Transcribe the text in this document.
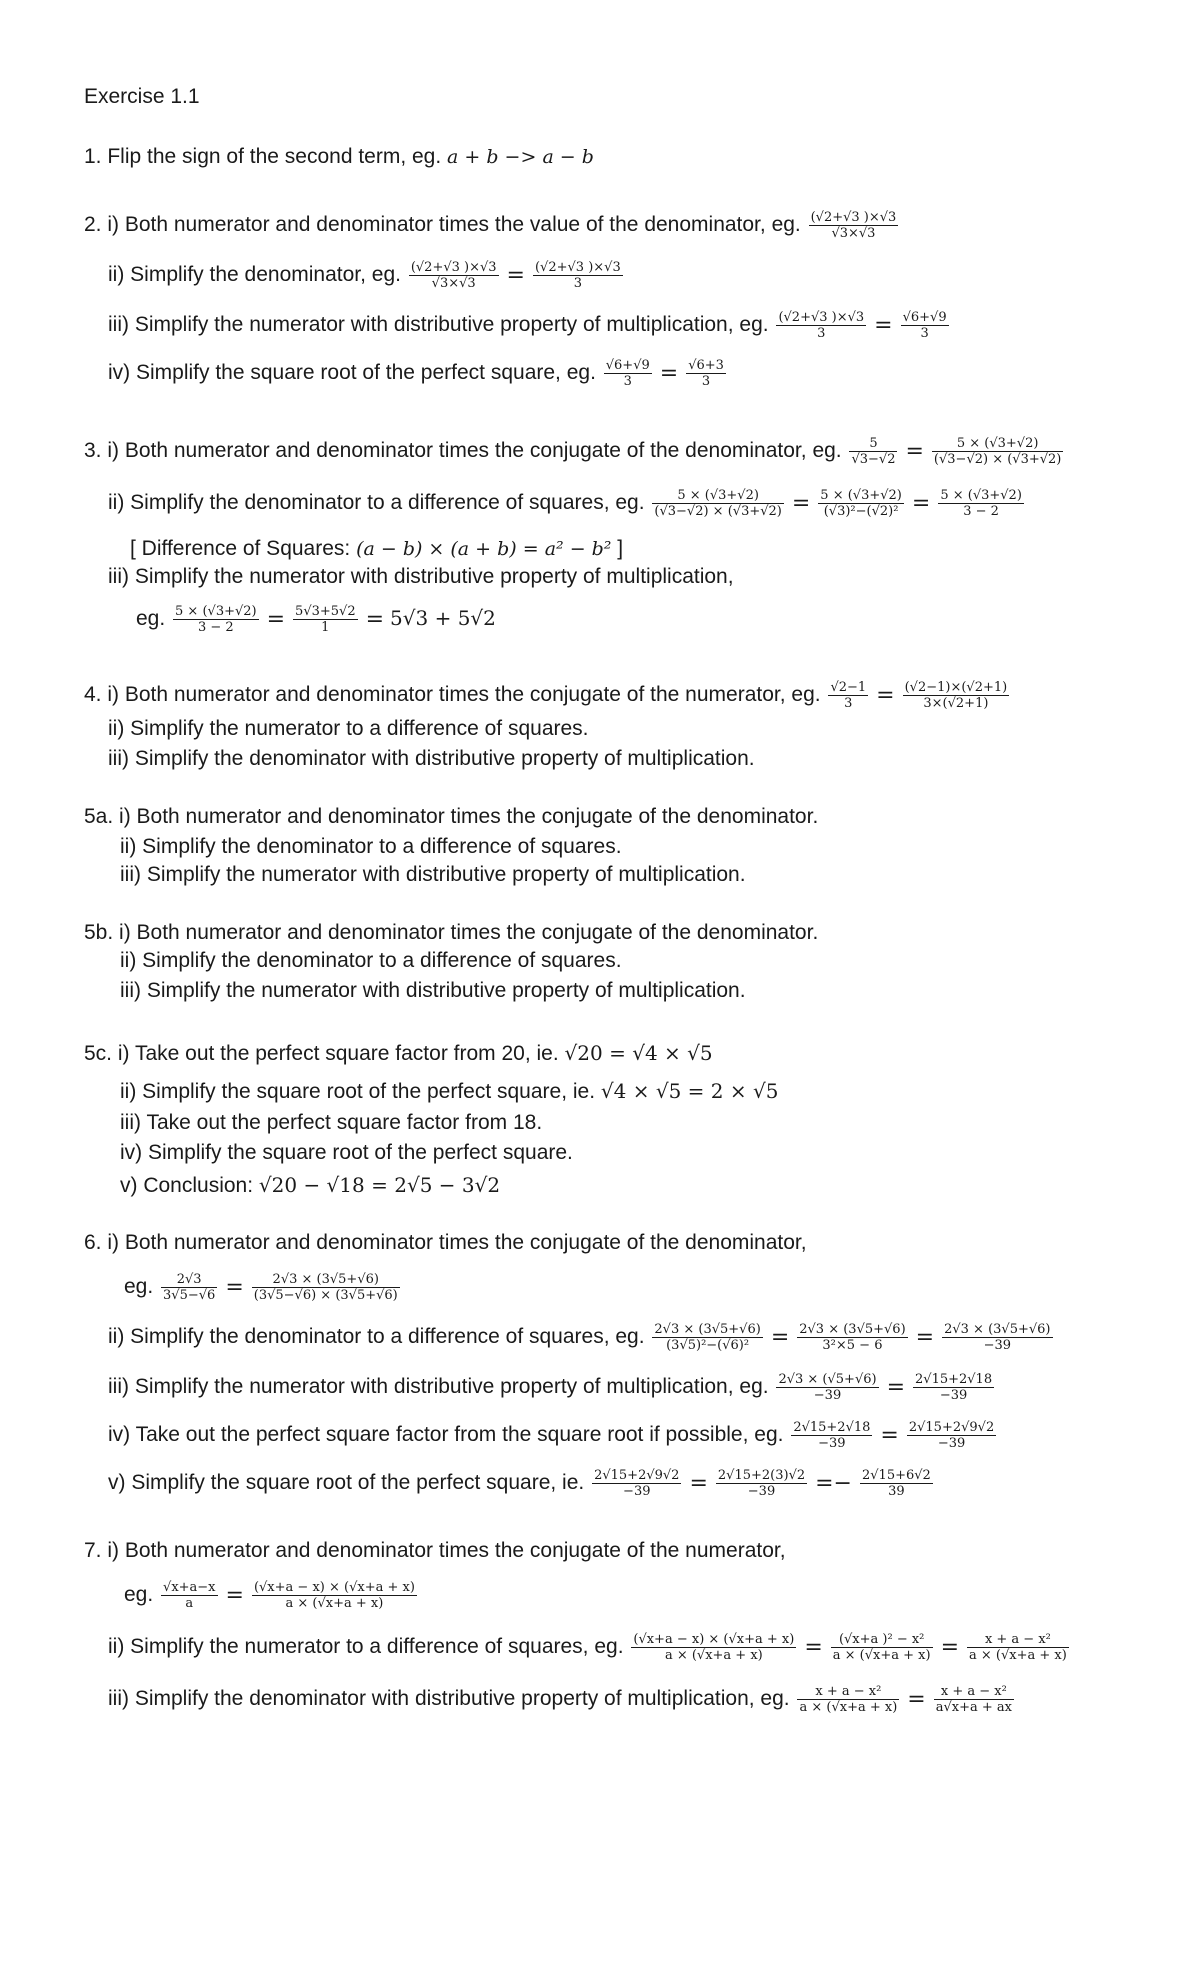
Exercise 1.1
1. Flip the sign of the second term, eg. a + b −> a − b
2. i) Both numerator and denominator times the value of the denominator, eg. $\frac{(√2+√3 )\times√3}{√3\times√3}$
ii) Simplify the denominator, eg. $\frac{(√2+√3 )\times√3}{√3\times√3} = \frac{(√2+√3 )\times√3}{3}$
iii) Simplify the numerator with distributive property of multiplication, eg. $\frac{(√2+√3 )\times√3}{3} = \frac{√6+√9}{3}$
iv) Simplify the square root of the perfect square, eg. $\frac{√6+√9}{3} = \frac{√6+3}{3}$
3. i) Both numerator and denominator times the conjugate of the denominator, eg. $\frac{5}{√3-√2} = \frac{5 \times (√3+√2)}{(√3-√2) \times (√3+√2)}$
ii) Simplify the denominator to a difference of squares, eg. $\frac{5 \times (√3+√2)}{(√3-√2) \times (√3+√2)} = \frac{5 \times (√3+√2)}{\text{(√3)²−(√2)²}} = \frac{5 \times (√3+√2)}{3 - 2}$
[ Difference of Squares: (a − b) × (a + b) = a² − b² ]
iii) Simplify the numerator with distributive property of multiplication,
eg. $\frac{5 \times (√3+√2)}{3 - 2} = \frac{5√3+5√2}{1} = 5√3 + 5√2$
4. i) Both numerator and denominator times the conjugate of the numerator, eg. $\frac{√2-1}{3} = \frac{(√2-1)\times(√2+1)}{3\times(√2+1)}$
ii) Simplify the numerator to a difference of squares.
iii) Simplify the denominator with distributive property of multiplication.
5a. i) Both numerator and denominator times the conjugate of the denominator.
ii) Simplify the denominator to a difference of squares.
iii) Simplify the numerator with distributive property of multiplication.
5b. i) Both numerator and denominator times the conjugate of the denominator.
ii) Simplify the denominator to a difference of squares.
iii) Simplify the numerator with distributive property of multiplication.
5c. i) Take out the perfect square factor from 20, ie. √20 = √4 × √5
ii) Simplify the square root of the perfect square, ie. √4 × √5 = 2 × √5
iii) Take out the perfect square factor from 18.
iv) Simplify the square root of the perfect square.
v) Conclusion: √20 − √18 = 2√5 − 3√2
6. i) Both numerator and denominator times the conjugate of the denominator,
eg. $\frac{2√3}{3√5-√6} = \frac{2√3 \times (3√5+√6)}{(3√5-√6) \times (3√5+√6)}$
ii) Simplify the denominator to a difference of squares, eg. $\frac{2√3 \times (3√5+√6)}{\text{(3√5)²−(√6)²}} = \frac{2√3 \times (3√5+√6)}{\text{3²×5 − 6}} = \frac{2√3 \times (3√5+√6)}{-39}$
iii) Simplify the numerator with distributive property of multiplication, eg. $\frac{2√3 \times (√5+√6)}{-39} = \frac{2√15+2√18}{-39}$
iv) Take out the perfect square factor from the square root if possible, eg. $\frac{2√15+2√18}{-39} = \frac{2√15+2√9√2}{-39}$
v) Simplify the square root of the perfect square, ie. $\frac{2√15+2√9√2}{-39} = \frac{2√15+2(3)√2}{-39} =- \frac{2√15+6√2}{39}$
7. i) Both numerator and denominator times the conjugate of the numerator,
eg. $\frac{√x+a-x}{a} = \frac{(√x+a - x) \times (√x+a + x)}{a \times (√x+a + x)}$
ii) Simplify the numerator to a difference of squares, eg. $\frac{(√x+a - x) \times (√x+a + x)}{a \times (√x+a + x)} = \frac{\text{(√x+a )² − x²}}{a \times (√x+a + x)} = \frac{\text{x + a − x²}}{a \times (√x+a + x)}$
iii) Simplify the denominator with distributive property of multiplication, eg. $\frac{\text{x + a − x²}}{a \times (√x+a + x)} = \frac{\text{x + a − x²}}{a√x+a + ax}$
